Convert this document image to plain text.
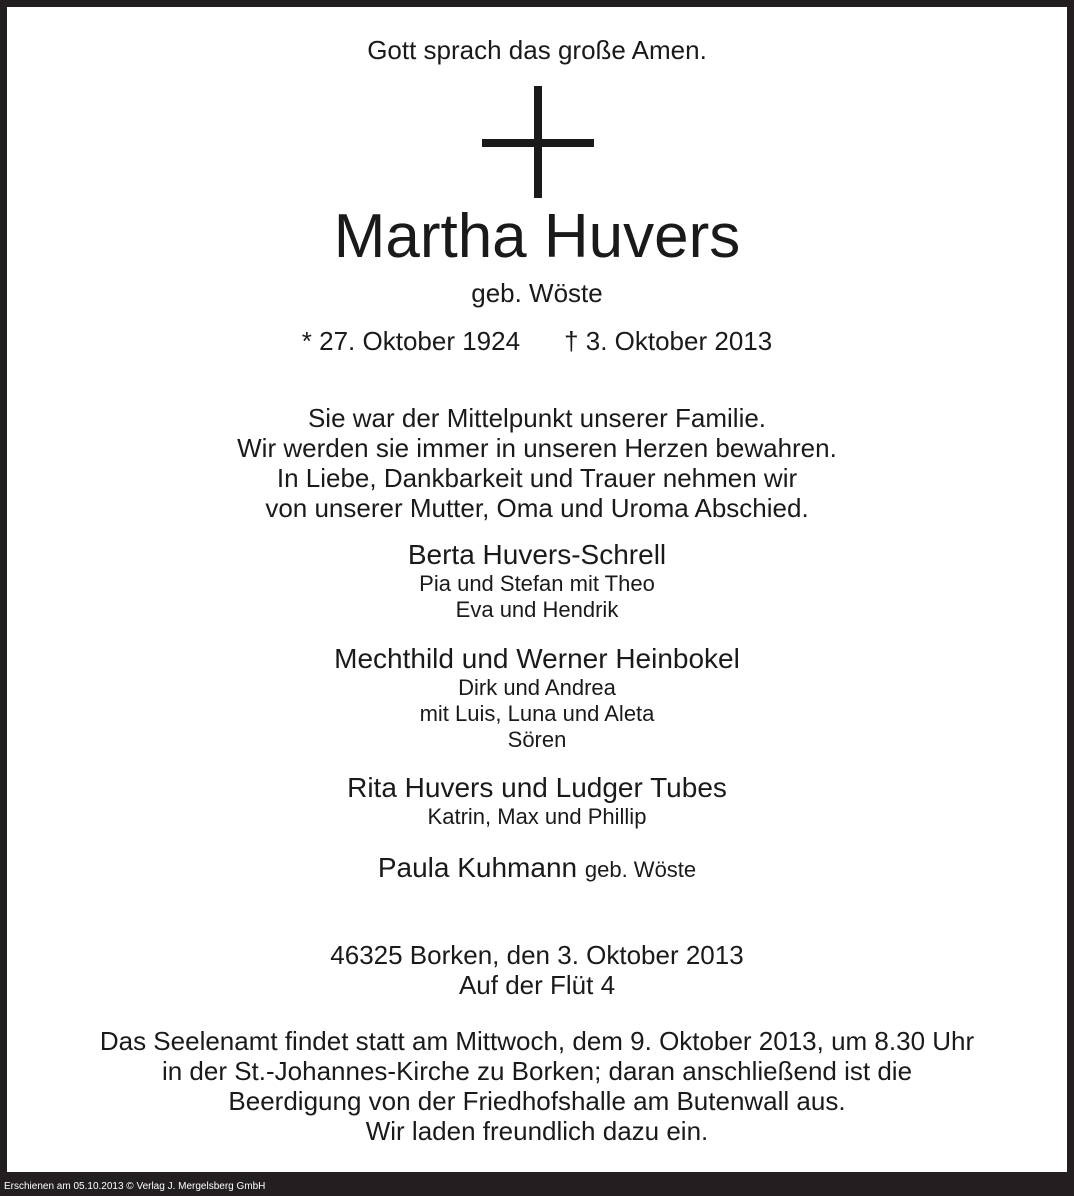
Gott sprach das große Amen.
Martha Huvers
geb. Wöste
* 27. Oktober 1924 † 3. Oktober 2013
Sie war der Mittelpunkt unserer Familie.
Wir werden sie immer in unseren Herzen bewahren.
In Liebe, Dankbarkeit und Trauer nehmen wir
von unserer Mutter, Oma und Uroma Abschied.
Berta Huvers-Schrell
Pia und Stefan mit Theo
Eva und Hendrik
Mechthild und Werner Heinbokel
Dirk und Andrea
mit Luis, Luna und Aleta
Sören
Rita Huvers und Ludger Tubes
Katrin, Max und Phillip
Paula Kuhmann geb. Wöste
46325 Borken, den 3. Oktober 2013
Auf der Flüt 4
Das Seelenamt findet statt am Mittwoch, dem 9. Oktober 2013, um 8.30 Uhr
in der St.-Johannes-Kirche zu Borken; daran anschließend ist die
Beerdigung von der Friedhofshalle am Butenwall aus.
Wir laden freundlich dazu ein.
Erschienen am 05.10.2013 © Verlag J. Mergelsberg GmbH
